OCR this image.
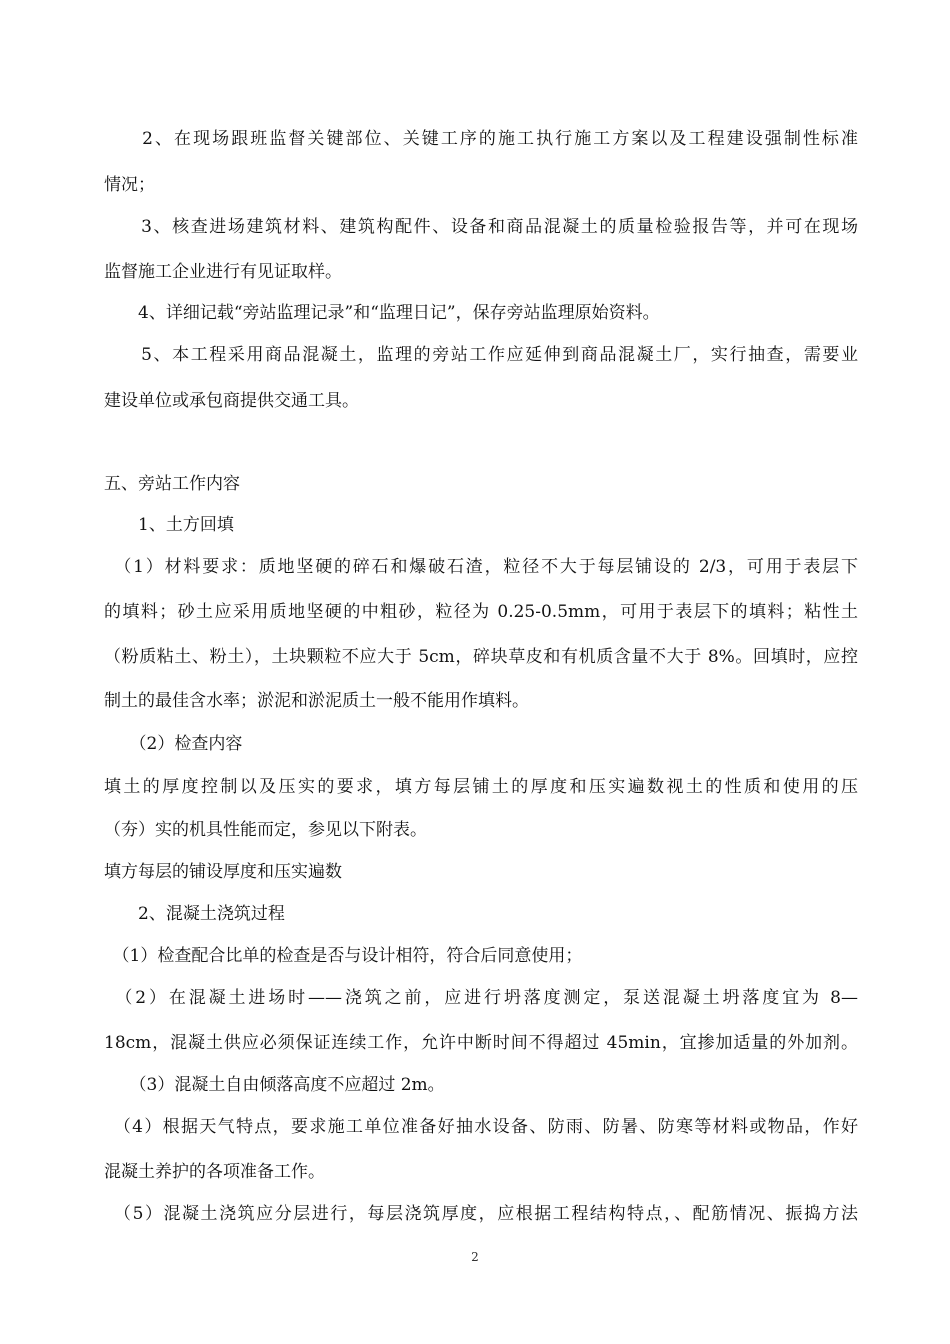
　　2、在现场跟班监督关键部位、关键工序的施工执行施工方案以及工程建设强制性标准
情况；
　　3、核查进场建筑材料、建筑构配件、设备和商品混凝土的质量检验报告等，并可在现场
监督施工企业进行有见证取样。
　　4、详细记载“旁站监理记录”和“监理日记”，保存旁站监理原始资料。
　　5、本工程采用商品混凝土，监理的旁站工作应延伸到商品混凝土厂，实行抽查，需要业
建设单位或承包商提供交通工具。
五、旁站工作内容
　　1、土方回填
　（1）材料要求：质地坚硬的碎石和爆破石渣，粒径不大于每层铺设的 2/3，可用于表层下
的填料；砂土应采用质地坚硬的中粗砂，粒径为 0.25-0.5mm，可用于表层下的填料；粘性土
（粉质粘土、粉土），土块颗粒不应大于 5cm，碎块草皮和有机质含量不大于 8%。回填时，应控
制土的最佳含水率；淤泥和淤泥质土一般不能用作填料。
　　（2）检查内容
填土的厚度控制以及压实的要求，填方每层铺土的厚度和压实遍数视土的性质和使用的压
（夯）实的机具性能而定，参见以下附表。
填方每层的铺设厚度和压实遍数
　　2、混凝土浇筑过程
　（1）检查配合比单的检查是否与设计相符，符合后同意使用；
　（2）在混凝土进场时——浇筑之前，应进行坍落度测定，泵送混凝土坍落度宜为 8—
18cm，混凝土供应必须保证连续工作，允许中断时间不得超过 45min，宜掺加适量的外加剂。
　　（3）混凝土自由倾落高度不应超过 2m。
　（4）根据天气特点，要求施工单位准备好抽水设备、防雨、防暑、防寒等材料或物品，作好
混凝土养护的各项准备工作。
　（5）混凝土浇筑应分层进行，每层浇筑厚度，应根据工程结构特点，、配筋情况、振捣方法
2
